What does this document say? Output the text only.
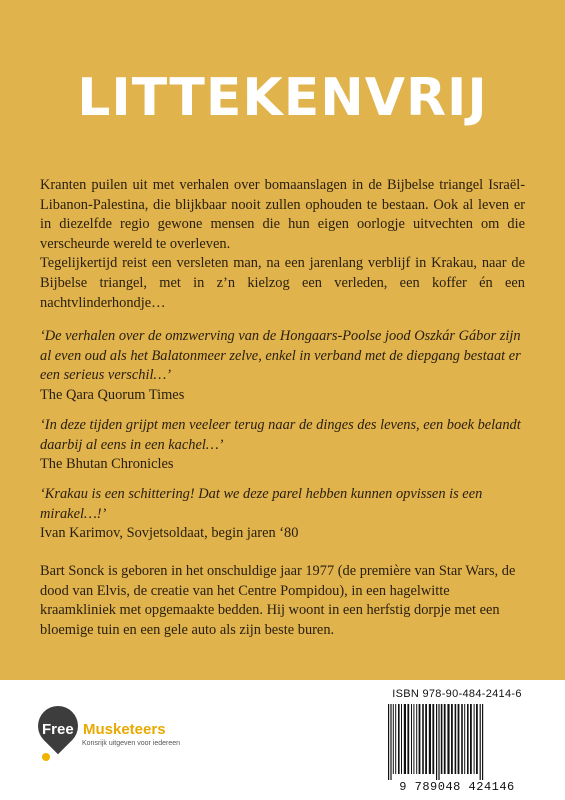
LITTEKENVRIJ

Kranten puilen uit met verhalen over bomaanslagen in de Bijbelse triangel Israël-Libanon-Palestina, die blijkbaar nooit zullen ophouden te bestaan. Ook al leven er in diezelfde regio gewone mensen die hun eigen oorlogje uitvechten om die verscheurde wereld te overleven.

Tegelijkertijd reist een versleten man, na een jarenlang verblijf in Krakau, naar de Bijbelse triangel, met in z’n kielzog een verleden, een koffer én een nachtvlinderhondje…

‘De verhalen over de omzwerving van de Hongaars-Poolse jood Oszkár Gábor zijn al even oud als het Balatonmeer zelve, enkel in verband met de diepgang bestaat er een serieus verschil…’

The Qara Quorum Times

‘In deze tijden grijpt men veeleer terug naar de dinges des levens, een boek belandt daarbij al eens in een kachel…’

The Bhutan Chronicles

‘Krakau is een schittering! Dat we deze parel hebben kunnen opvissen is een mirakel…!’

Ivan Karimov, Sovjetsoldaat, begin jaren ‘80

Bart Sonck is geboren in het onschuldige jaar 1977 (de première van Star Wars, de dood van Elvis, de creatie van het Centre Pompidou), in een hagelwitte kraamkliniek met opgemaakte bedden. Hij woont in een herfstig dorpje met een bloemige tuin en een gele auto als zijn beste buren.

Free Musketeers
Konsrijk uitgeven voor iedereen
ISBN 978-90-484-2414-6
9 789048 424146
